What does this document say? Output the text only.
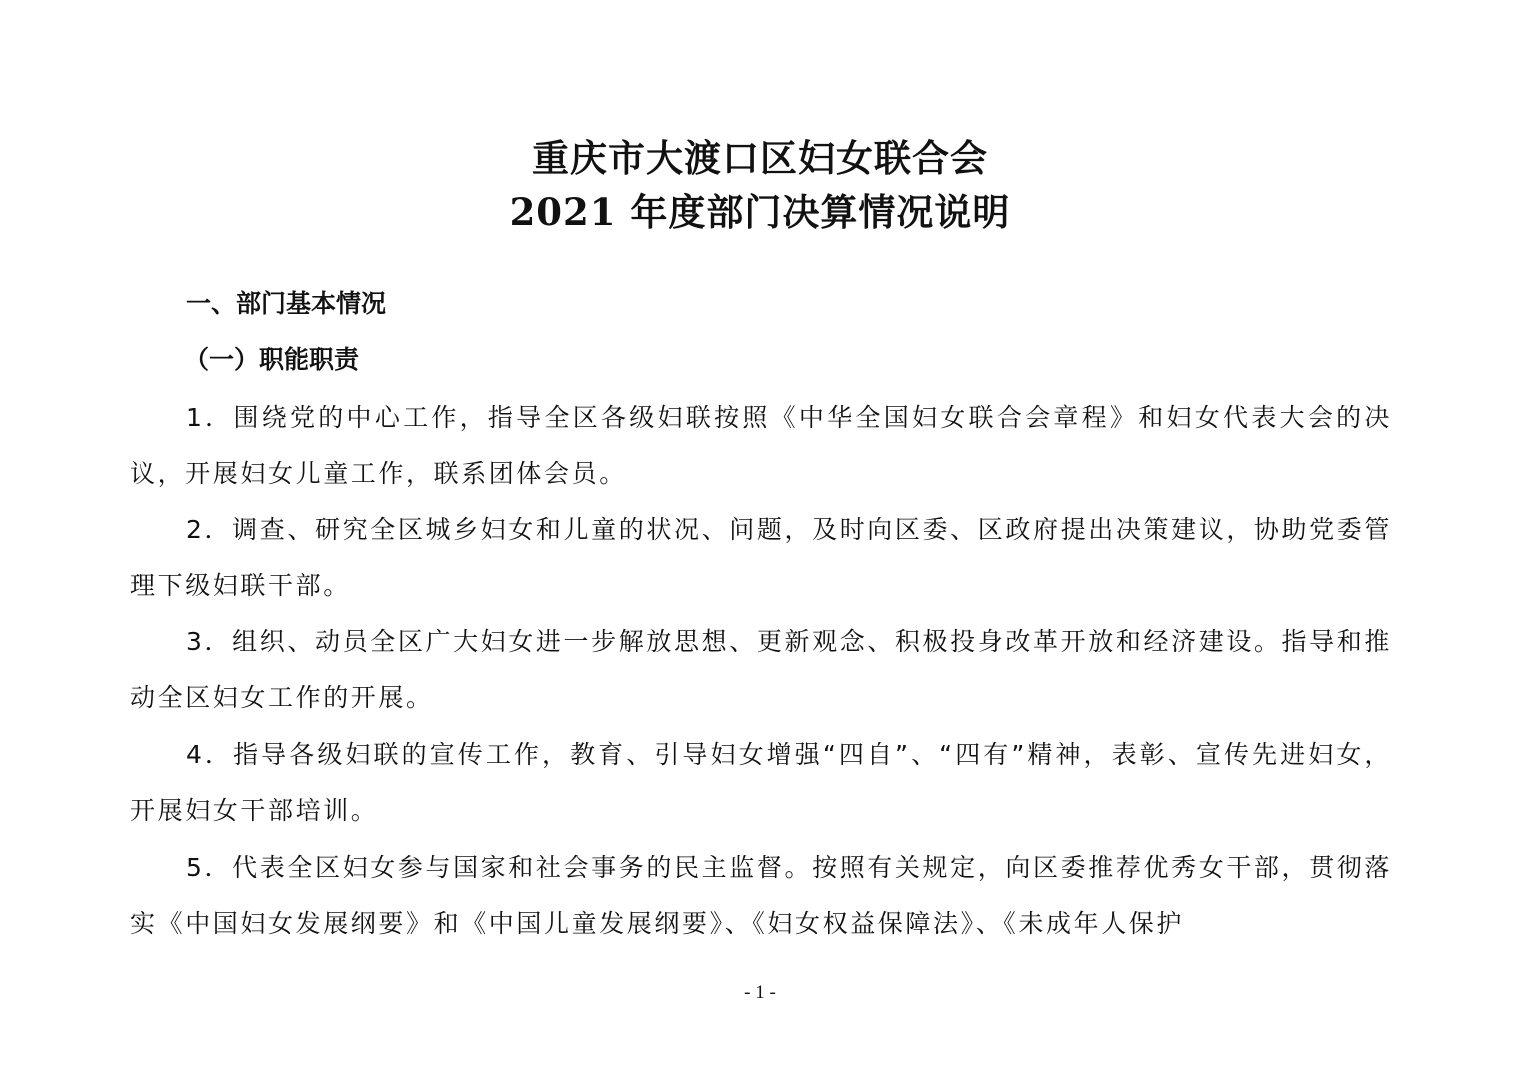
重庆市大渡口区妇女联合会
2021 年度部门决算情况说明
一、部门基本情况
（一）职能职责

1．围绕党的中心工作，指导全区各级妇联按照《中华全国妇女联合会章程》和妇女代表大会的决议，开展妇女儿童工作，联系团体会员。

2．调查、研究全区城乡妇女和儿童的状况、问题，及时向区委、区政府提出决策建议，协助党委管理下级妇联干部。

3．组织、动员全区广大妇女进一步解放思想、更新观念、积极投身改革开放和经济建设。指导和推动全区妇女工作的开展。

4．指导各级妇联的宣传工作，教育、引导妇女增强“四自”、“四有”精神，表彰、宣传先进妇女，开展妇女干部培训。

5．代表全区妇女参与国家和社会事务的民主监督。按照有关规定，向区委推荐优秀女干部，贯彻落实《中国妇女发展纲要》和《中国儿童发展纲要》、《妇女权益保障法》、《未成年人保护

- 1 -
